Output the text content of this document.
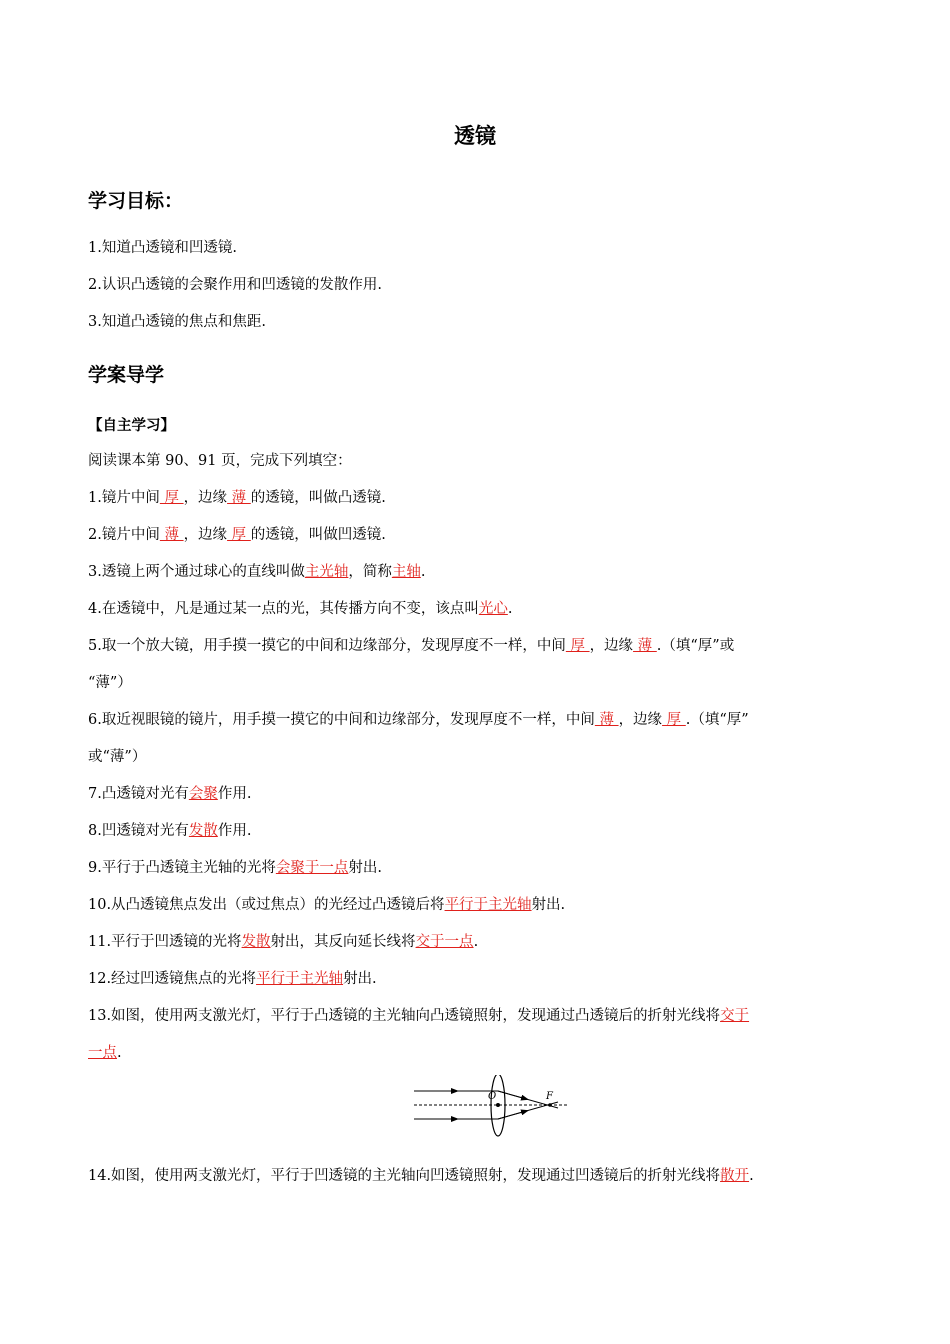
透镜
学习目标：
1.知道凸透镜和凹透镜.
2.认识凸透镜的会聚作用和凹透镜的发散作用.
3.知道凸透镜的焦点和焦距.
学案导学
【自主学习】
阅读课本第 90、91 页，完成下列填空：
1.镜片中间 厚 ，边缘 薄 的透镜，叫做凸透镜.
2.镜片中间 薄 ，边缘 厚 的透镜，叫做凹透镜.
3.透镜上两个通过球心的直线叫做主光轴，简称主轴.
4.在透镜中，凡是通过某一点的光，其传播方向不变，该点叫光心.
5.取一个放大镜，用手摸一摸它的中间和边缘部分，发现厚度不一样，中间 厚 ，边缘 薄 .（填“厚”或
“薄”）
6.取近视眼镜的镜片，用手摸一摸它的中间和边缘部分，发现厚度不一样，中间 薄 ，边缘 厚 .（填“厚”
或“薄”）
7.凸透镜对光有会聚作用.
8.凹透镜对光有发散作用.
9.平行于凸透镜主光轴的光将会聚于一点射出.
10.从凸透镜焦点发出（或过焦点）的光经过凸透镜后将平行于主光轴射出.
11.平行于凹透镜的光将发散射出，其反向延长线将交于一点.
12.经过凹透镜焦点的光将平行于主光轴射出.
13.如图，使用两支激光灯，平行于凸透镜的主光轴向凸透镜照射，发现通过凸透镜后的折射光线将交于
一点.
O	F
14.如图，使用两支激光灯，平行于凹透镜的主光轴向凹透镜照射，发现通过凹透镜后的折射光线将散开.
